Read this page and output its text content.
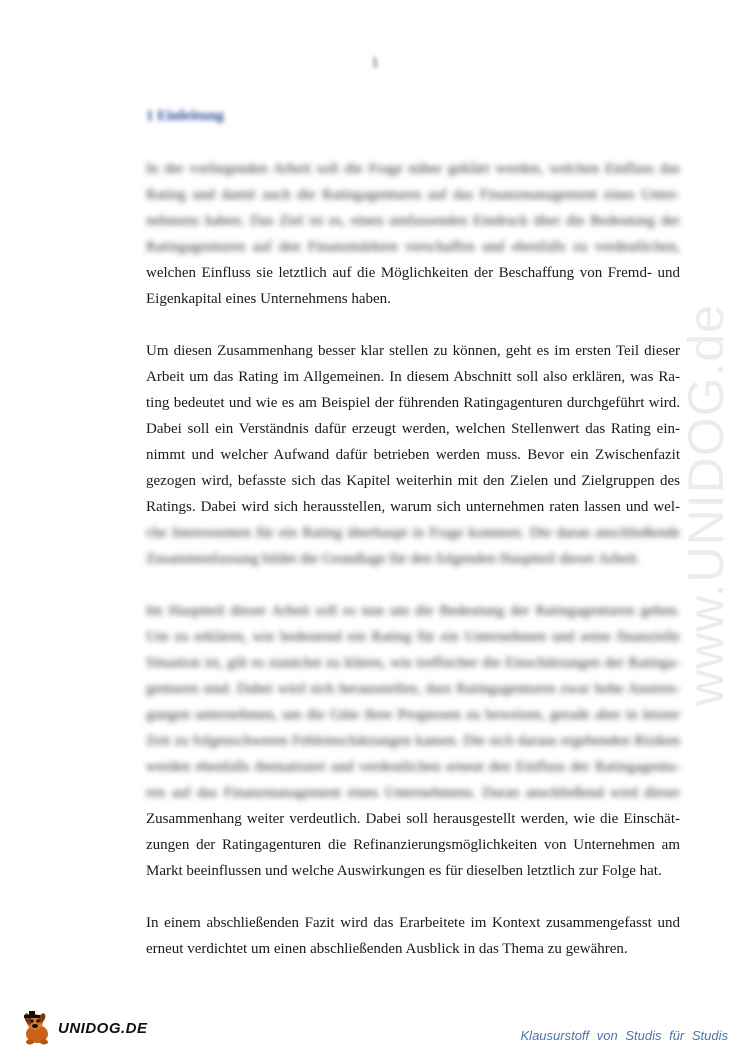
1
1 Einleitung
In der vorliegenden Arbeit soll die Frage näher geklärt werden, welchen Einfluss das
Rating und damit auch die Ratingagenturen auf das Finanzmanagement eines Unter-
nehmens haben. Das Ziel ist es, einen umfassenden Eindruck über die Bedeutung der
Ratingagenturen auf den Finanzmärkten verschaffen und ebenfalls zu verdeutlichen,
welchen Einfluss sie letztlich auf die Möglichkeiten der Beschaffung von Fremd- und
Eigenkapital eines Unternehmens haben.
Um diesen Zusammenhang besser klar stellen zu können, geht es im ersten Teil dieser
Arbeit um das Rating im Allgemeinen. In diesem Abschnitt soll also erklären, was Ra-
ting bedeutet und wie es am Beispiel der führenden Ratingagenturen durchgeführt wird.
Dabei soll ein Verständnis dafür erzeugt werden, welchen Stellenwert das Rating ein-
nimmt und welcher Aufwand dafür betrieben werden muss. Bevor ein Zwischenfazit
gezogen wird, befasste sich das Kapitel weiterhin mit den Zielen und Zielgruppen des
Ratings. Dabei wird sich herausstellen, warum sich unternehmen raten lassen und wel-
che Interessenten für ein Rating überhaupt in Frage kommen. Die daran anschließende
Zusammenfassung bildet die Grundlage für den folgenden Hauptteil dieser Arbeit.
Im Hauptteil dieser Arbeit soll es nun um die Bedeutung der Ratingagenturen gehen.
Um zu erklären, wie bedeutend ein Rating für ein Unternehmen und seine finanzielle
Situation ist, gilt es zunächst zu klären, wie treffsicher die Einschätzungen der Ratinga-
genturen sind. Dabei wird sich herausstellen, dass Ratingagenturen zwar hohe Anstren-
gungen unternehmen, um die Güte ihrer Prognosen zu beweisen, gerade aber in letzter
Zeit zu folgenschweren Fehleinschätzungen kamen. Die sich daraus ergebenden Risiken
werden ebenfalls thematisiert und verdeutlichen erneut den Einfluss der Ratingagentu-
ren auf das Finanzmanagement eines Unternehmens. Daran anschließend wird dieser
Zusammenhang weiter verdeutlich. Dabei soll herausgestellt werden, wie die Einschät-
zungen der Ratingagenturen die Refinanzierungsmöglichkeiten von Unternehmen am
Markt beeinflussen und welche Auswirkungen es für dieselben letztlich zur Folge hat.
In einem abschließenden Fazit wird das Erarbeitete im Kontext zusammengefasst und
erneut verdichtet um einen abschließenden Ausblick in das Thema zu gewähren.
www.UNIDOG.de
UNIDOG.DE	Klausurstoff von Studis für Studis
